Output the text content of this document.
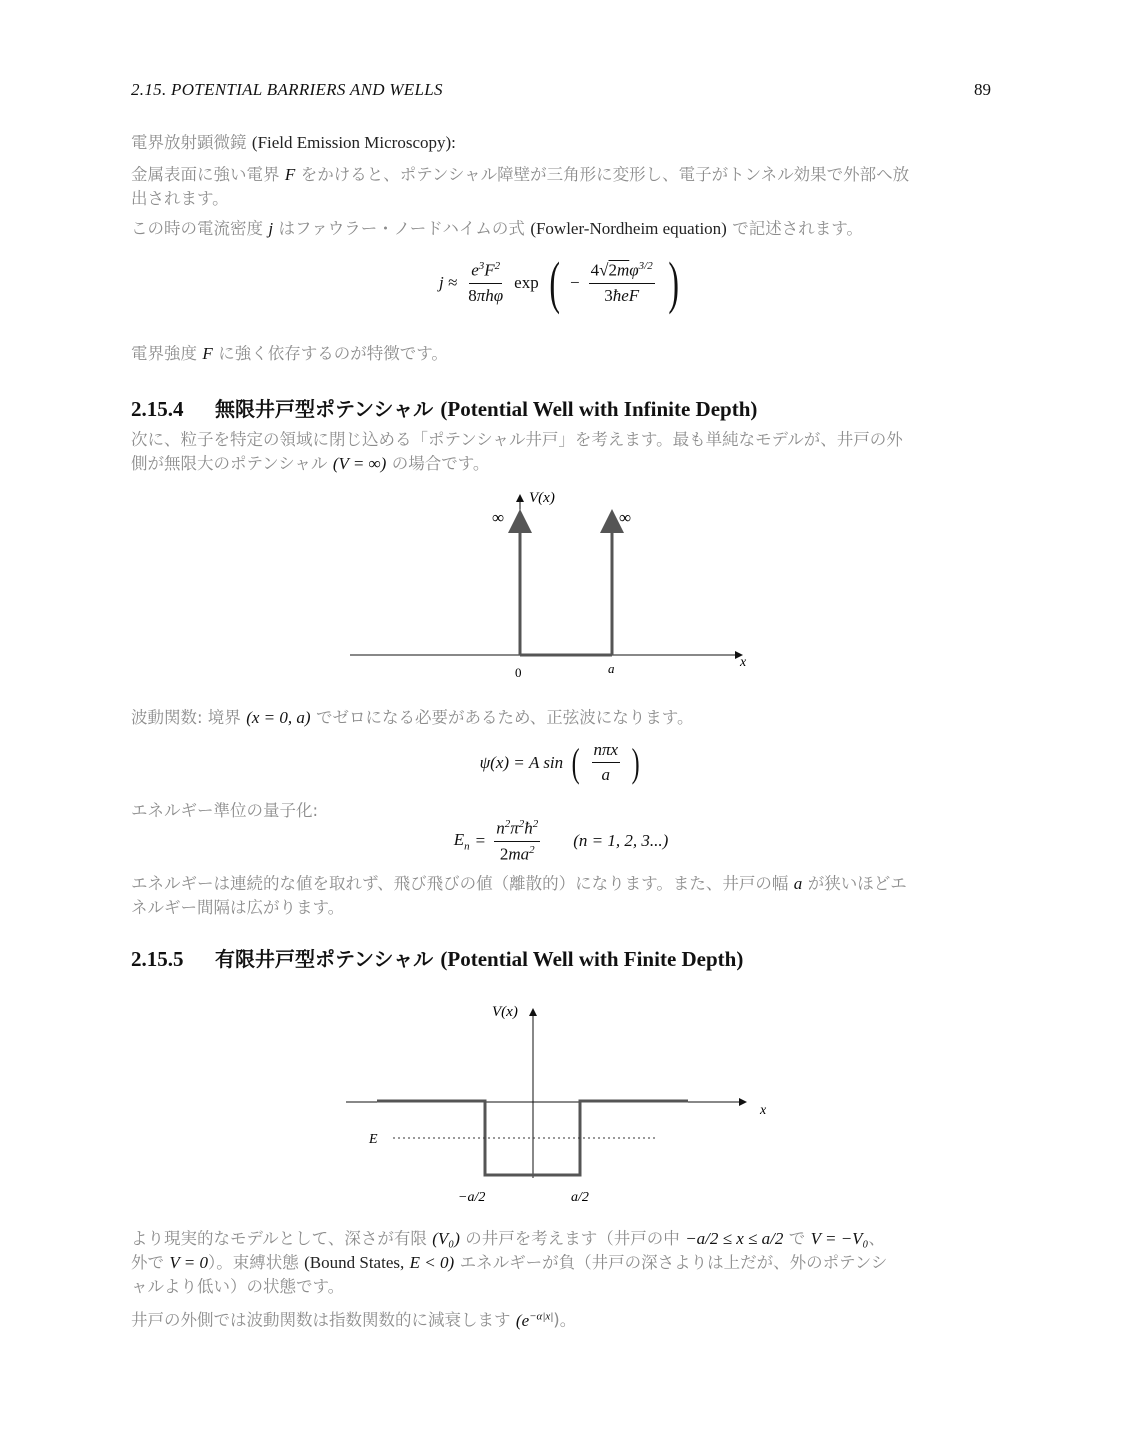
2.15. POTENTIAL BARRIERS AND WELLS	89
電界放射顕微鏡 (Field Emission Microscopy):
金属表面に強い電界 F をかけると、ポテンシャル障壁が三角形に変形し、電子がトンネル効果で外部へ放
出されます。
この時の電流密度 j はファウラー・ノードハイムの式 (Fowler-Nordheim equation) で記述されます。
$j \approx \frac{e^3F^2}{\text{8πhφ}}$ exp ( − $\frac{4√2m\varphi^{3/2}}{\text{3ħeF}}$ )
電界強度 F に強く依存するのが特徴です。
2.15.4 無限井戸型ポテンシャル (Potential Well with Infinite Depth)
次に、粒子を特定の領域に閉じ込める「ポテンシャル井戸」を考えます。最も単純なモデルが、井戸の外
側が無限大のポテンシャル (V = ∞) の場合です。
V(x)
∞	∞
0	a	x
波動関数: 境界 (x = 0, a) でゼロになる必要があるため、正弦波になります。
ψ(x) = A sin ( $\frac{\text{nπx}}{a}$ )
エネルギー準位の量子化:
$E_n = \frac{n^2\pi^2ħ^2}{2ma^2} (n = 1$, 2, 3...)
エネルギーは連続的な値を取れず、飛び飛びの値（離散的）になります。また、井戸の幅 a が狭いほどエ
ネルギー間隔は広がります。
2.15.5 有限井戸型ポテンシャル (Potential Well with Finite Depth)
V(x)
x
E
−a/2	a/2
より現実的なモデルとして、深さが有限 (V₀) の井戸を考えます（井戸の中 −a/2 ≤ x ≤ a/2 で V = −V₀、
外で V = 0）。束縛状態 (Bound States, E < 0) エネルギーが負（井戸の深さよりは上だが、外のポテンシ
ャルより低い）の状態です。
井戸の外側では波動関数は指数関数的に減衰します $(e^{-\alpha|x|})$。
